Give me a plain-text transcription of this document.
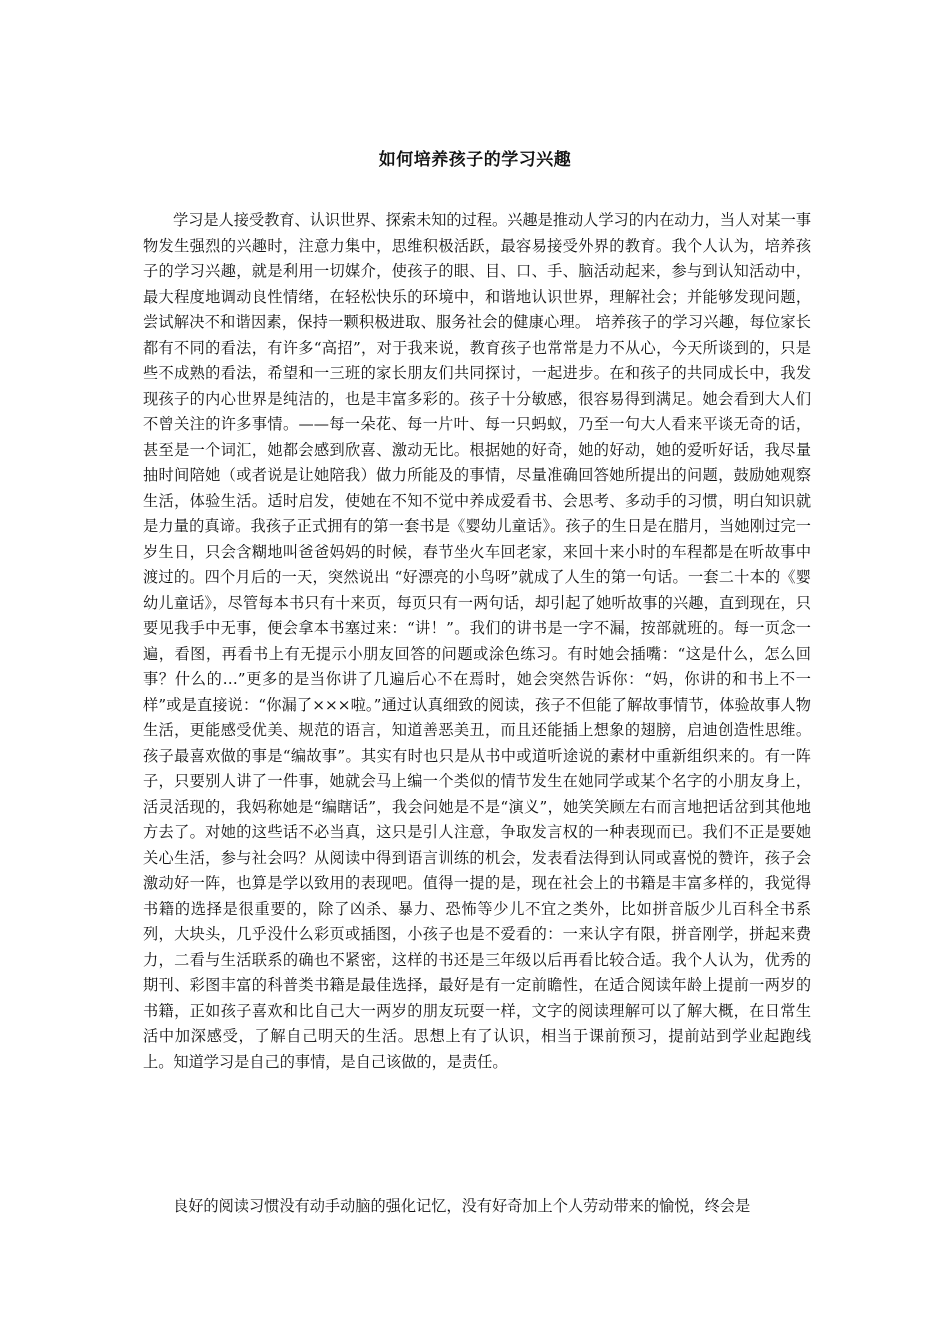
如何培养孩子的学习兴趣

学习是人接受教育、认识世界、探索未知的过程。兴趣是推动人学习的内在动力，当人对某一事物发生强烈的兴趣时，注意力集中，思维积极活跃，最容易接受外界的教育。我个人认为，培养孩子的学习兴趣，就是利用一切媒介，使孩子的眼、目、口、手、脑活动起来，参与到认知活动中，最大程度地调动良性情绪，在轻松快乐的环境中，和谐地认识世界，理解社会；并能够发现问题，尝试解决不和谐因素，保持一颗积极进取、服务社会的健康心理。 培养孩子的学习兴趣，每位家长都有不同的看法，有许多“高招”，对于我来说，教育孩子也常常是力不从心，今天所谈到的，只是些不成熟的看法，希望和一三班的家长朋友们共同探讨，一起进步。在和孩子的共同成长中，我发现孩子的内心世界是纯洁的，也是丰富多彩的。孩子十分敏感，很容易得到满足。她会看到大人们不曾关注的许多事情。——每一朵花、每一片叶、每一只蚂蚁，乃至一句大人看来平谈无奇的话，甚至是一个词汇，她都会感到欣喜、激动无比。根据她的好奇，她的好动，她的爱听好话，我尽量抽时间陪她（或者说是让她陪我）做力所能及的事情，尽量准确回答她所提出的问题，鼓励她观察生活，体验生活。适时启发，使她在不知不觉中养成爱看书、会思考、多动手的习惯，明白知识就是力量的真谛。我孩子正式拥有的第一套书是《婴幼儿童话》。孩子的生日是在腊月，当她刚过完一岁生日，只会含糊地叫爸爸妈妈的时候，春节坐火车回老家，来回十来小时的车程都是在听故事中渡过的。四个月后的一天，突然说出 “好漂亮的小鸟呀”就成了人生的第一句话。一套二十本的《婴幼儿童话》，尽管每本书只有十来页，每页只有一两句话，却引起了她听故事的兴趣，直到现在，只要见我手中无事，便会拿本书塞过来：“讲！”。我们的讲书是一字不漏，按部就班的。每一页念一遍，看图，再看书上有无提示小朋友回答的问题或涂色练习。有时她会插嘴：“这是什么，怎么回事？什么的…”更多的是当你讲了几遍后心不在焉时，她会突然告诉你：“妈，你讲的和书上不一样”或是直接说：“你漏了×××啦。”通过认真细致的阅读，孩子不但能了解故事情节，体验故事人物生活，更能感受优美、规范的语言，知道善恶美丑，而且还能插上想象的翅膀，启迪创造性思维。孩子最喜欢做的事是“编故事”。其实有时也只是从书中或道听途说的素材中重新组织来的。有一阵子，只要别人讲了一件事，她就会马上编一个类似的情节发生在她同学或某个名字的小朋友身上，活灵活现的，我妈称她是“编瞎话”，我会问她是不是“演义”，她笑笑顾左右而言地把话岔到其他地方去了。对她的这些话不必当真，这只是引人注意，争取发言权的一种表现而已。我们不正是要她关心生活，参与社会吗？从阅读中得到语言训练的机会，发表看法得到认同或喜悦的赞许，孩子会激动好一阵，也算是学以致用的表现吧。值得一提的是，现在社会上的书籍是丰富多样的，我觉得书籍的选择是很重要的，除了凶杀、暴力、恐怖等少儿不宜之类外，比如拼音版少儿百科全书系列，大块头，几乎没什么彩页或插图，小孩子也是不爱看的：一来认字有限，拼音刚学，拼起来费力，二看与生活联系的确也不紧密，这样的书还是三年级以后再看比较合适。我个人认为，优秀的期刊、彩图丰富的科普类书籍是最佳选择，最好是有一定前瞻性，在适合阅读年龄上提前一两岁的书籍，正如孩子喜欢和比自己大一两岁的朋友玩耍一样，文字的阅读理解可以了解大概，在日常生活中加深感受，了解自己明天的生活。思想上有了认识，相当于课前预习，提前站到学业起跑线上。知道学习是自己的事情，是自己该做的，是责任。

良好的阅读习惯没有动手动脑的强化记忆，没有好奇加上个人劳动带来的愉悦，终会是
